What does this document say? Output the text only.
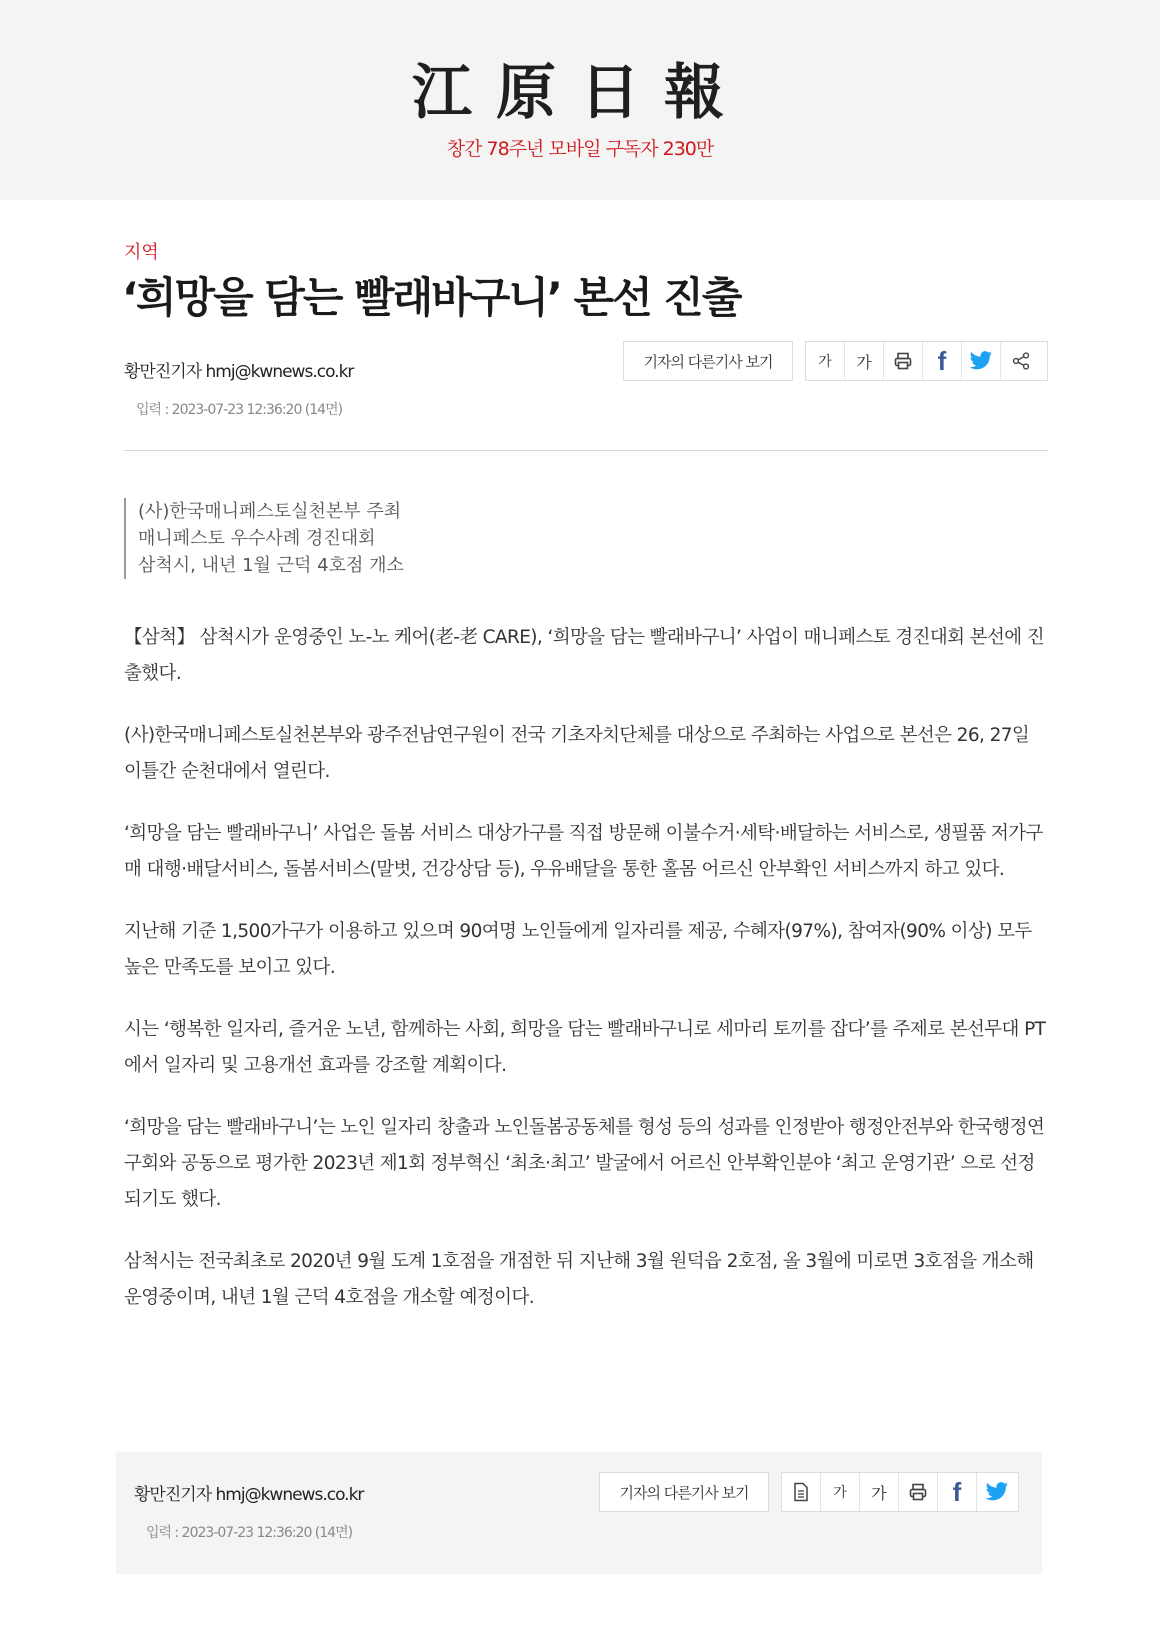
江原日報
창간 78주년 모바일 구독자 230만
지역
‘희망을 담는 빨래바구니’ 본선 진출
황만진기자 hmj@kwnews.co.kr
입력 : 2023-07-23 12:36:20 (14면)
기자의 다른기사 보기	가	가	f
(사)한국매니페스토실천본부 주최
매니페스토 우수사례 경진대회
삼척시, 내년 1월 근덕 4호점 개소

【삼척】 삼척시가 운영중인 노-노 케어(老-老 CARE), ‘희망을 담는 빨래바구니’ 사업이 매니페스토 경진대회 본선에 진출했다.

(사)한국매니페스토실천본부와 광주전남연구원이 전국 기초자치단체를 대상으로 주최하는 사업으로 본선은 26, 27일 이틀간 순천대에서 열린다.

‘희망을 담는 빨래바구니’ 사업은 돌봄 서비스 대상가구를 직접 방문해 이불수거·세탁·배달하는 서비스로, 생필품 저가구매 대행·배달서비스, 돌봄서비스(말벗, 건강상담 등), 우유배달을 통한 홀몸 어르신 안부확인 서비스까지 하고 있다.

지난해 기준 1,500가구가 이용하고 있으며 90여명 노인들에게 일자리를 제공, 수혜자(97%), 참여자(90% 이상) 모두 높은 만족도를 보이고 있다.

시는 ‘행복한 일자리, 즐거운 노년, 함께하는 사회, 희망을 담는 빨래바구니로 세마리 토끼를 잡다’를 주제로 본선무대 PT에서 일자리 및 고용개선 효과를 강조할 계획이다.

‘희망을 담는 빨래바구니’는 노인 일자리 창출과 노인돌봄공동체를 형성 등의 성과를 인정받아 행정안전부와 한국행정연구회와 공동으로 평가한 2023년 제1회 정부혁신 ‘최초·최고’ 발굴에서 어르신 안부확인분야 ‘최고 운영기관’ 으로 선정되기도 했다.

삼척시는 전국최초로 2020년 9월 도계 1호점을 개점한 뒤 지난해 3월 원덕읍 2호점, 올 3월에 미로면 3호점을 개소해 운영중이며, 내년 1월 근덕 4호점을 개소할 예정이다.

황만진기자 hmj@kwnews.co.kr
입력 : 2023-07-23 12:36:20 (14면)
기자의 다른기사 보기	가	가	f
